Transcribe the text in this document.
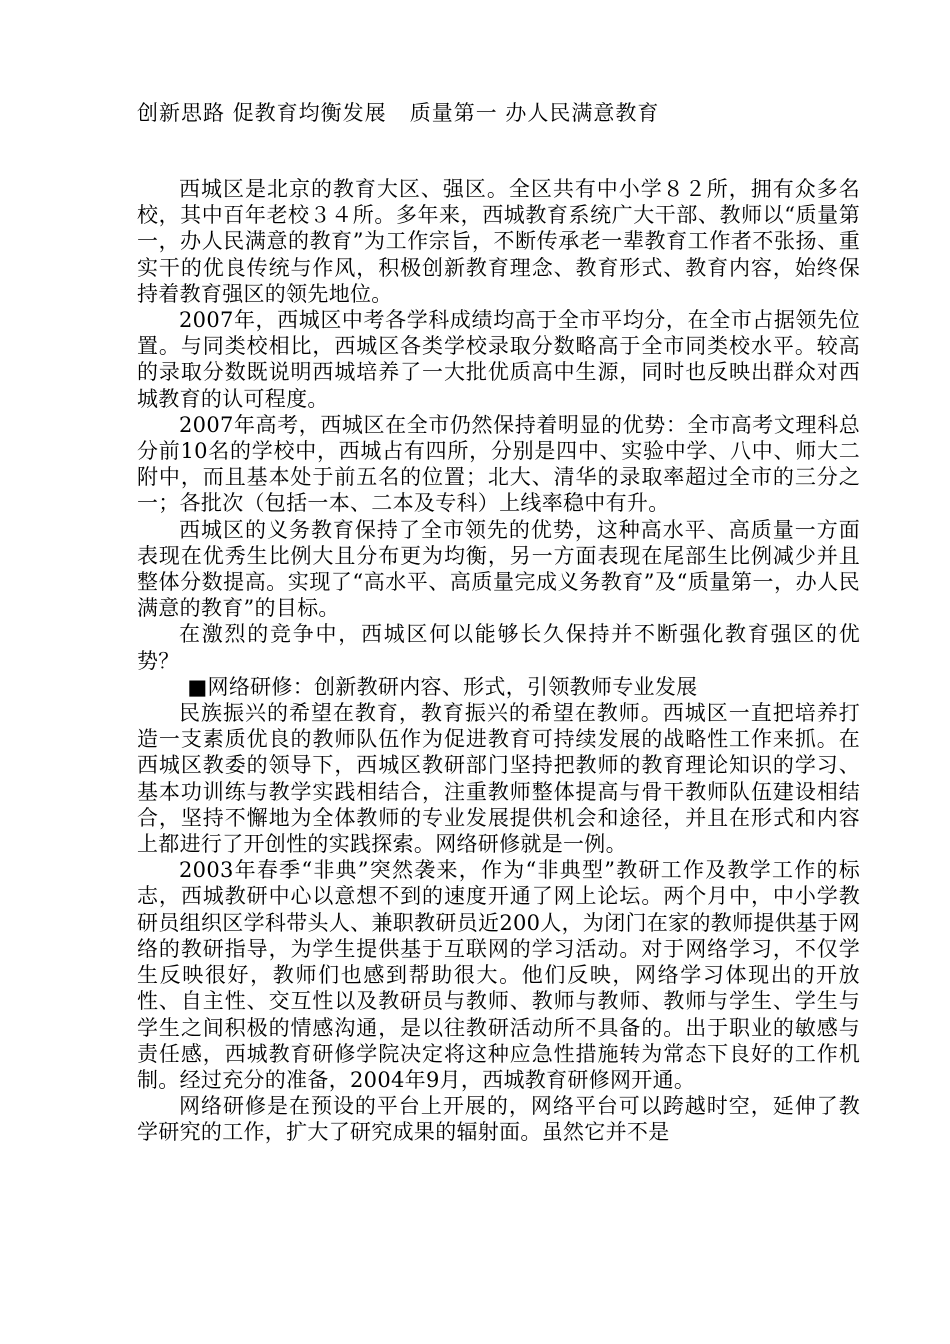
创新思路 促教育均衡发展   质量第一 办人民满意教育

西城区是北京的教育大区、强区。全区共有中小学８２所，拥有众多名校，其中百年老校３４所。多年来，西城教育系统广大干部、教师以“质量第一，办人民满意的教育”为工作宗旨，不断传承老一辈教育工作者不张扬、重实干的优良传统与作风，积极创新教育理念、教育形式、教育内容，始终保持着教育强区的领先地位。

2007年，西城区中考各学科成绩均高于全市平均分，在全市占据领先位置。与同类校相比，西城区各类学校录取分数略高于全市同类校水平。较高的录取分数既说明西城培养了一大批优质高中生源，同时也反映出群众对西城教育的认可程度。

2007年高考，西城区在全市仍然保持着明显的优势：全市高考文理科总分前10名的学校中，西城占有四所，分别是四中、实验中学、八中、师大二附中，而且基本处于前五名的位置；北大、清华的录取率超过全市的三分之一；各批次（包括一本、二本及专科）上线率稳中有升。

西城区的义务教育保持了全市领先的优势，这种高水平、高质量一方面表现在优秀生比例大且分布更为均衡，另一方面表现在尾部生比例减少并且整体分数提高。实现了“高水平、高质量完成义务教育”及“质量第一，办人民满意的教育”的目标。

在激烈的竞争中，西城区何以能够长久保持并不断强化教育强区的优势？

■网络研修：创新教研内容、形式，引领教师专业发展

民族振兴的希望在教育，教育振兴的希望在教师。西城区一直把培养打造一支素质优良的教师队伍作为促进教育可持续发展的战略性工作来抓。在西城区教委的领导下，西城区教研部门坚持把教师的教育理论知识的学习、基本功训练与教学实践相结合，注重教师整体提高与骨干教师队伍建设相结合，坚持不懈地为全体教师的专业发展提供机会和途径，并且在形式和内容上都进行了开创性的实践探索。网络研修就是一例。

2003年春季“非典”突然袭来，作为“非典型”教研工作及教学工作的标志，西城教研中心以意想不到的速度开通了网上论坛。两个月中，中小学教研员组织区学科带头人、兼职教研员近200人，为闭门在家的教师提供基于网络的教研指导，为学生提供基于互联网的学习活动。对于网络学习，不仅学生反映很好，教师们也感到帮助很大。他们反映，网络学习体现出的开放性、自主性、交互性以及教研员与教师、教师与教师、教师与学生、学生与学生之间积极的情感沟通，是以往教研活动所不具备的。出于职业的敏感与责任感，西城教育研修学院决定将这种应急性措施转为常态下良好的工作机制。经过充分的准备，2004年9月，西城教育研修网开通。

网络研修是在预设的平台上开展的，网络平台可以跨越时空，延伸了教学研究的工作，扩大了研究成果的辐射面。虽然它并不是
